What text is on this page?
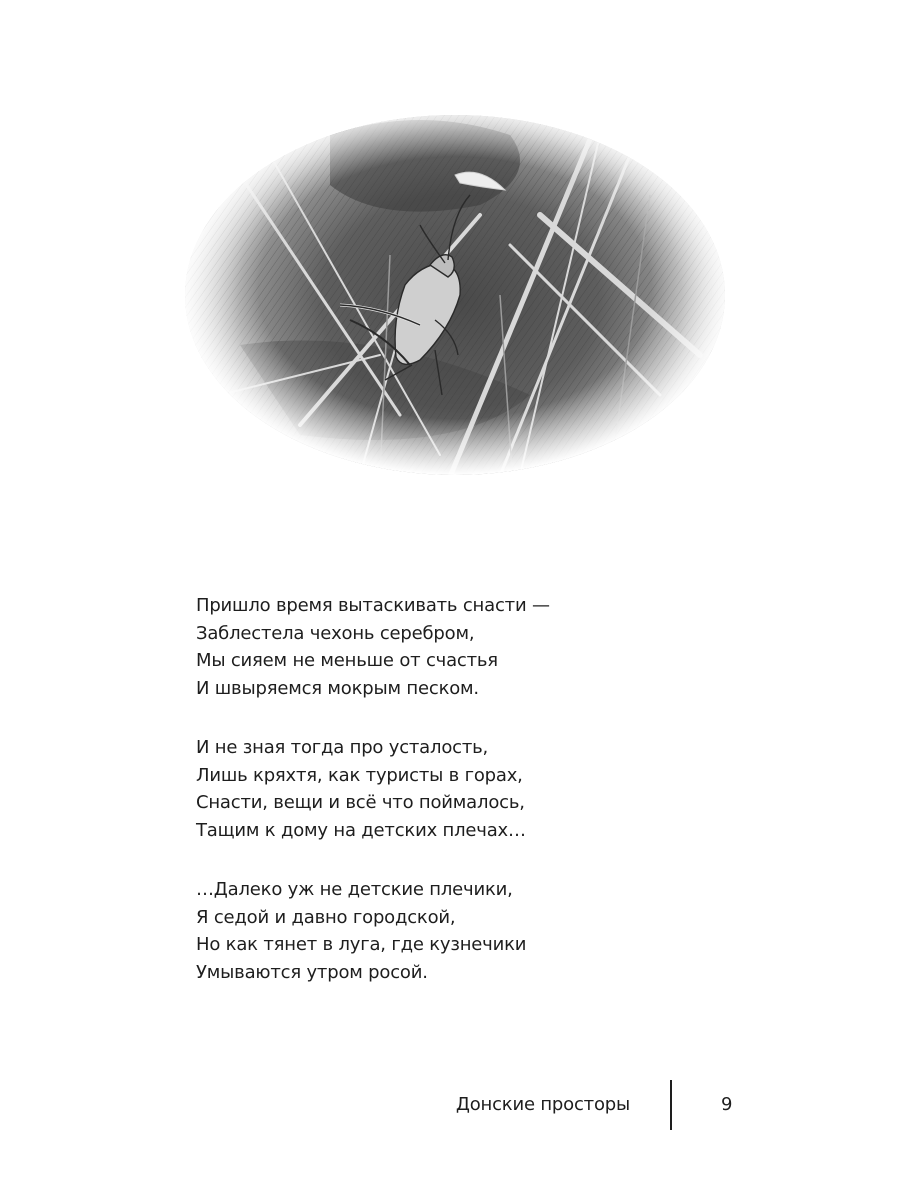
Пришло время вытаскивать снасти —
Заблестела чехонь серебром,
Мы сияем не меньше от счастья
И швыряемся мокрым песком.
И не зная тогда про усталость,
Лишь кряхтя, как туристы в горах,
Снасти, вещи и всё что поймалось,
Тащим к дому на детских плечах…
…Далеко уж не детские плечики,
Я седой и давно городской,
Но как тянет в луга, где кузнечики
Умываются утром росой.
Донские просторы	9
